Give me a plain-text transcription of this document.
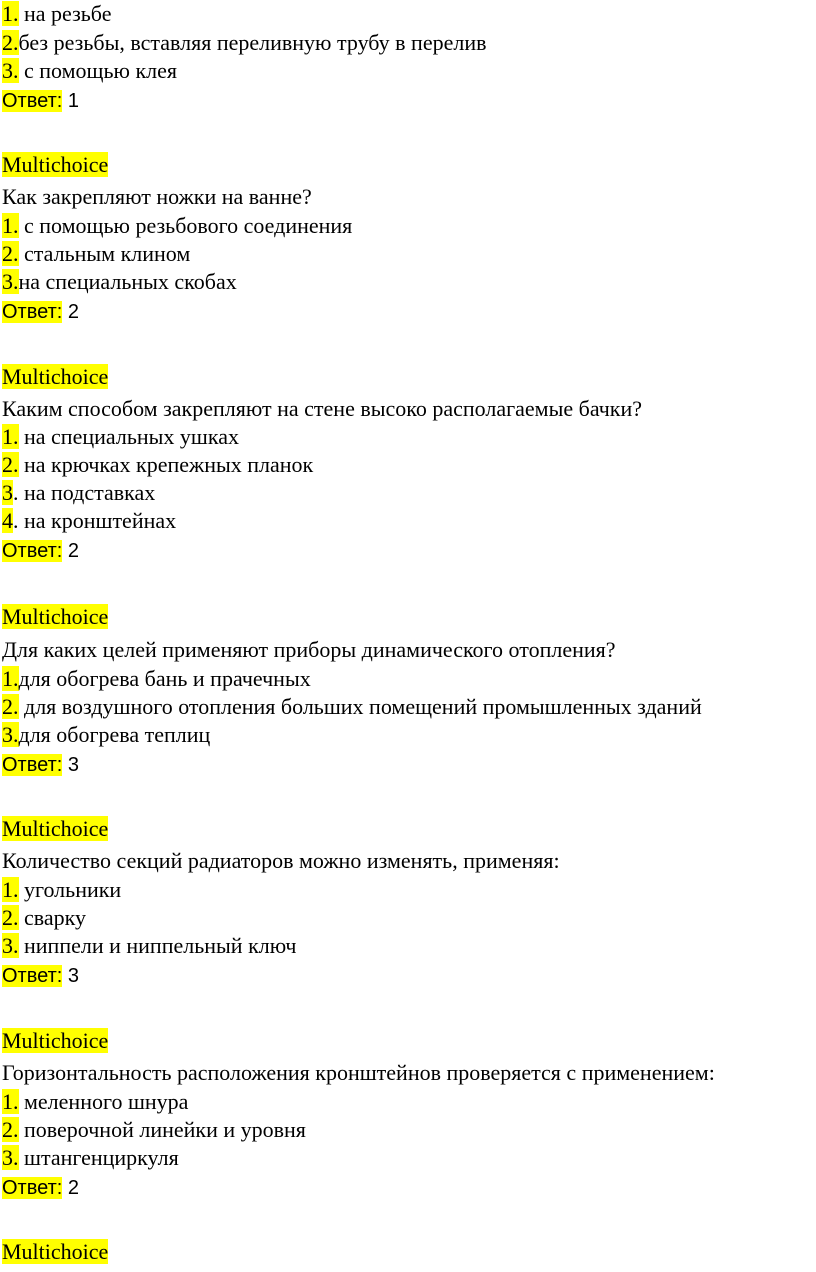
1. на резьбе

2.без резьбы, вставляя переливную трубу в перелив

3. с помощью клея

Ответ: 1

Multichoice

Как закрепляют ножки на ванне?

1. с помощью резьбового соединения

2. стальным клином

3.на специальных скобах

Ответ: 2

Multichoice

Каким способом закрепляют на стене высоко располагаемые бачки?

1. на специальных ушках

2. на крючках крепежных планок

3. на подставках

4. на кронштейнах

Ответ: 2

Multichoice

Для каких целей применяют приборы динамического отопления?

1.для обогрева бань и прачечных

2. для воздушного отопления больших помещений промышленных зданий

3.для обогрева теплиц

Ответ: 3

Multichoice

Количество секций радиаторов можно изменять, применяя:

1. угольники

2. сварку

3. ниппели и ниппельный ключ

Ответ: 3

Multichoice

Горизонтальность расположения кронштейнов проверяется с применением:

1. меленного шнура

2. поверочной линейки и уровня

3. штангенциркуля

Ответ: 2

Multichoice
